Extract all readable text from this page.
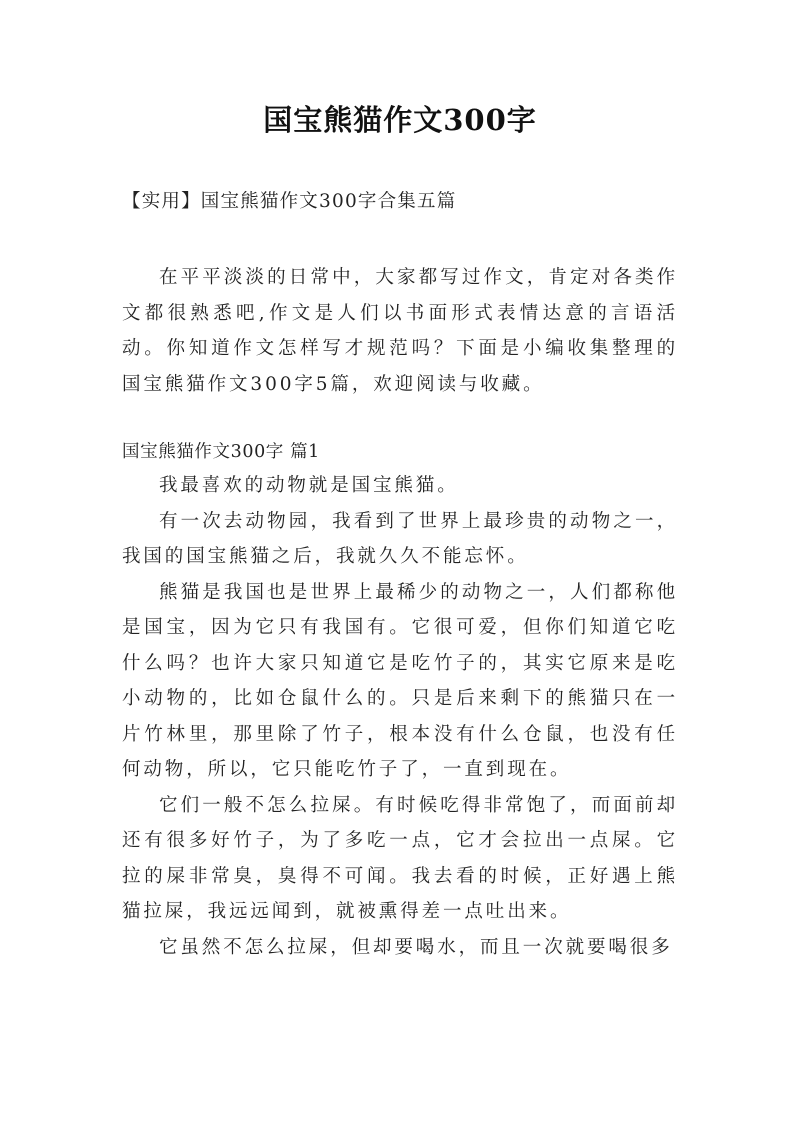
国宝熊猫作文300字
【实用】国宝熊猫作文300字合集五篇
在平平淡淡的日常中，大家都写过作文，肯定对各类作文都很熟悉吧,作文是人们以书面形式表情达意的言语活动。你知道作文怎样写才规范吗？下面是小编收集整理的国宝熊猫作文300字5篇，欢迎阅读与收藏。
国宝熊猫作文300字 篇1

我最喜欢的动物就是国宝熊猫。

有一次去动物园，我看到了世界上最珍贵的动物之一，我国的国宝熊猫之后，我就久久不能忘怀。

熊猫是我国也是世界上最稀少的动物之一，人们都称他是国宝，因为它只有我国有。它很可爱，但你们知道它吃什么吗？也许大家只知道它是吃竹子的，其实它原来是吃小动物的，比如仓鼠什么的。只是后来剩下的熊猫只在一片竹林里，那里除了竹子，根本没有什么仓鼠，也没有任何动物，所以，它只能吃竹子了，一直到现在。

它们一般不怎么拉屎。有时候吃得非常饱了，而面前却还有很多好竹子，为了多吃一点，它才会拉出一点屎。它拉的屎非常臭，臭得不可闻。我去看的时候，正好遇上熊猫拉屎，我远远闻到，就被熏得差一点吐出来。

它虽然不怎么拉屎，但却要喝水，而且一次就要喝很多
